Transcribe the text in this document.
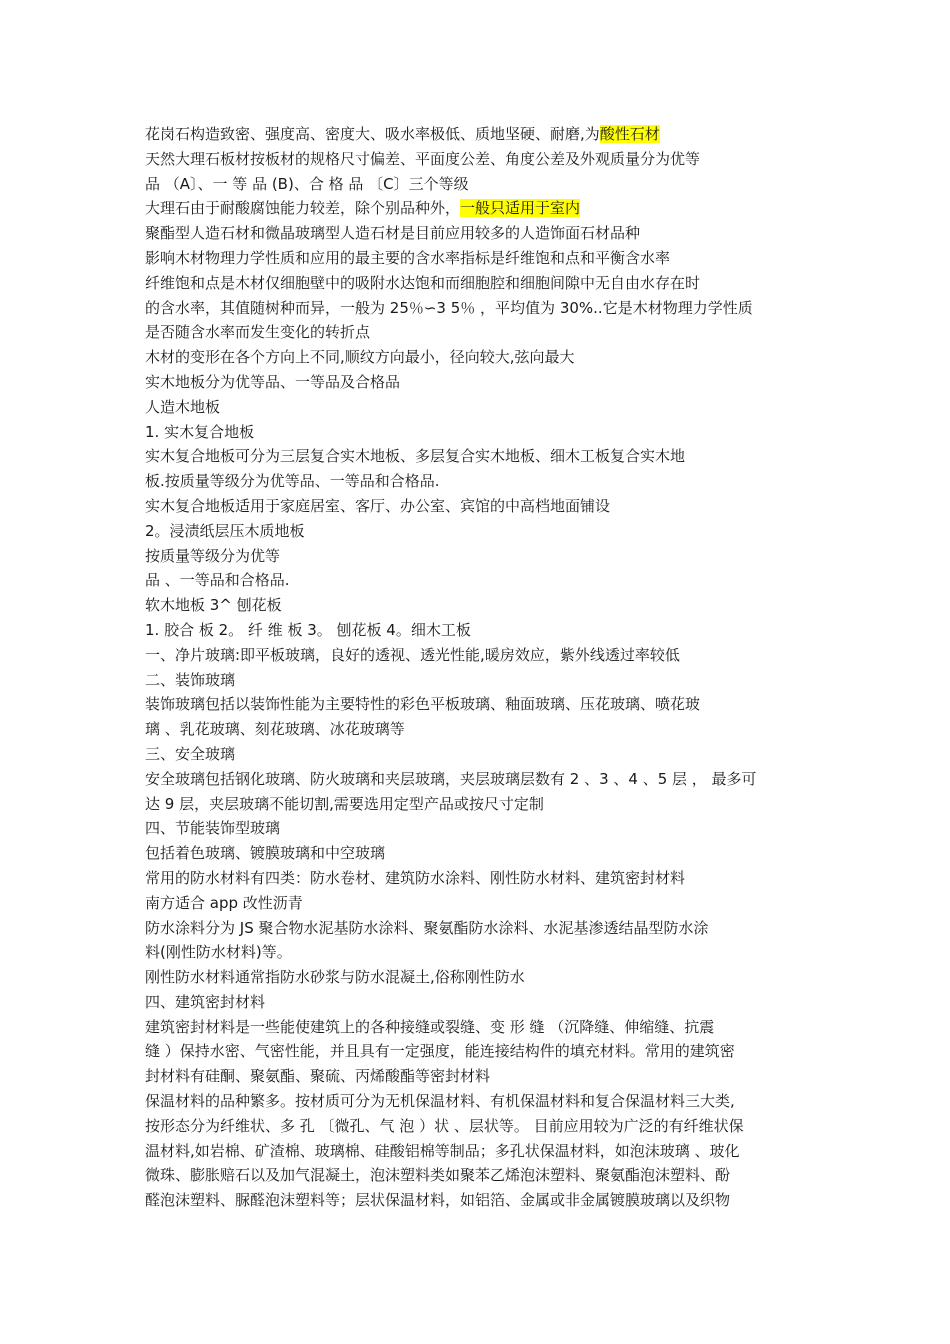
花岗石构造致密、强度高、密度大、吸水率极低、质地坚硬、耐磨,为酸性石材
天然大理石板材按板材的规格尺寸偏差、平面度公差、角度公差及外观质量分为优等
品 （A〕、一 等 品 (B)、合 格 品 〔C〕三个等级
大理石由于耐酸腐蚀能力较差，除个别品种外，一般只适用于室内
聚酯型人造石材和微晶玻璃型人造石材是目前应用较多的人造饰面石材品种
影响木材物理力学性质和应用的最主要的含水率指标是纤维饱和点和平衡含水率
纤维饱和点是木材仅细胞壁中的吸附水达饱和而细胞腔和细胞间隙中无自由水存在时
的含水率，其值随树种而异，一般为 25％∽3 5％ ，平均值为 30%..它是木材物理力学性质
是否随含水率而发生变化的转折点
木材的变形在各个方向上不同,顺纹方向最小，径向较大,弦向最大
实木地板分为优等品、一等品及合格品
人造木地板
1. 实木复合地板
实木复合地板可分为三层复合实木地板、多层复合实木地板、细木工板复合实木地
板.按质量等级分为优等品、一等品和合格品.
实木复合地板适用于家庭居室、客厅、办公室、宾馆的中高档地面铺设
2。浸渍纸层压木质地板
按质量等级分为优等
品 、一等品和合格品.
软木地板 3^ 刨花板
1. 胶合 板 2。 纤 维 板 3。 刨花板 4。细木工板
一、净片玻璃:即平板玻璃，良好的透视、透光性能,暖房效应，紫外线透过率较低
二、装饰玻璃
装饰玻璃包括以装饰性能为主要特性的彩色平板玻璃、釉面玻璃、压花玻璃、喷花玻
璃 、乳花玻璃、刻花玻璃、冰花玻璃等
三、安全玻璃
安全玻璃包括钢化玻璃、防火玻璃和夹层玻璃，夹层玻璃层数有 2 、3 、4 、5 层 ， 最多可
达 9 层，夹层玻璃不能切割,需要选用定型产品或按尺寸定制
四、节能装饰型玻璃
包括着色玻璃、镀膜玻璃和中空玻璃
常用的防水材料有四类：防水卷材、建筑防水涂料、刚性防水材料、建筑密封材料
南方适合 app 改性沥青
防水涂料分为 JS 聚合物水泥基防水涂料、聚氨酯防水涂料、水泥基渗透结晶型防水涂
料(刚性防水材料)等。
刚性防水材料通常指防水砂浆与防水混凝土,俗称刚性防水
四、建筑密封材料
建筑密封材料是一些能使建筑上的各种接缝或裂缝、变 形 缝 （沉降缝、伸缩缝、抗震
缝 ）保持水密、气密性能，并且具有一定强度，能连接结构件的填充材料。常用的建筑密
封材料有硅酮、聚氨酯、聚硫、丙烯酸酯等密封材料
保温材料的品种繁多。按材质可分为无机保温材料、有机保温材料和复合保温材料三大类,
按形态分为纤维状、多 孔 〔微孔、气 泡 ）状 、层状等。 目前应用较为广泛的有纤维状保
温材料,如岩棉、矿渣棉、玻璃棉、硅酸铝棉等制品；多孔状保温材料，如泡沫玻璃 、玻化
微珠、膨胀赔石以及加气混凝土，泡沫塑料类如聚苯乙烯泡沫塑料、聚氨酯泡沫塑料、酚
醛泡沫塑料、脲醛泡沫塑料等；层状保温材料，如铝箔、金属或非金属镀膜玻璃以及织物
